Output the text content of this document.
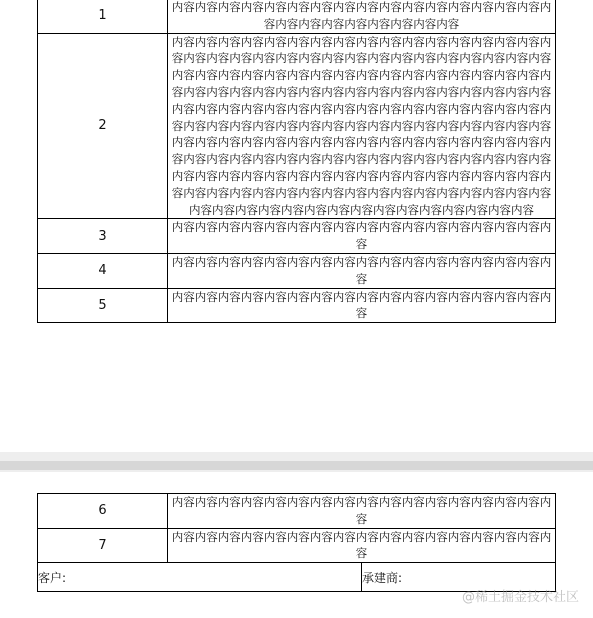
1	内容内容内容内容内容内容内容内容内容内容内容内容内容内容内容内容内容内容内容内容内容内容内容内容内容
2	内容内容内容内容内容内容内容内容内容内容内容内容内容内容内容内容内容内容内容内容内容内容内容内容内容内容内容内容内容内容内容内容内容内容内容内容内容内容内容内容内容内容内容内容内容内容内容内容内容内容内容内容内容内容内容内容内容内容内容内容内容内容内容内容内容内容内容内容内容内容内容内容内容内容内容内容内容内容内容内容内容内容内容内容内容内容内容内容内容内容内容内容内容内容内容内容内容内容内容内容内容内容内容内容内容内容内容内容内容内容内容内容内容内容内容内容内容内容内容内容内容内容内容内容内容内容内容内容内容内容内容内容内容内容内容内容内容内容内容内容内容内容内容内容内容内容内容内容内容内容内容内容内容内容内容内容内容内容内容内容内容内容内容内容内容内容内容内容内容内容内容内容内容内容内容内容内容内容内容内容
3	内容内容内容内容内容内容内容内容内容内容内容内容内容内容内容内容内容
4	内容内容内容内容内容内容内容内容内容内容内容内容内容内容内容内容内容
5	内容内容内容内容内容内容内容内容内容内容内容内容内容内容内容内容内容
6	内容内容内容内容内容内容内容内容内容内容内容内容内容内容内容内容内容	
7	内容内容内容内容内容内容内容内容内容内容内容内容内容内容内容内容内容	
客户:		承建商:
@稀土掘金技术社区
